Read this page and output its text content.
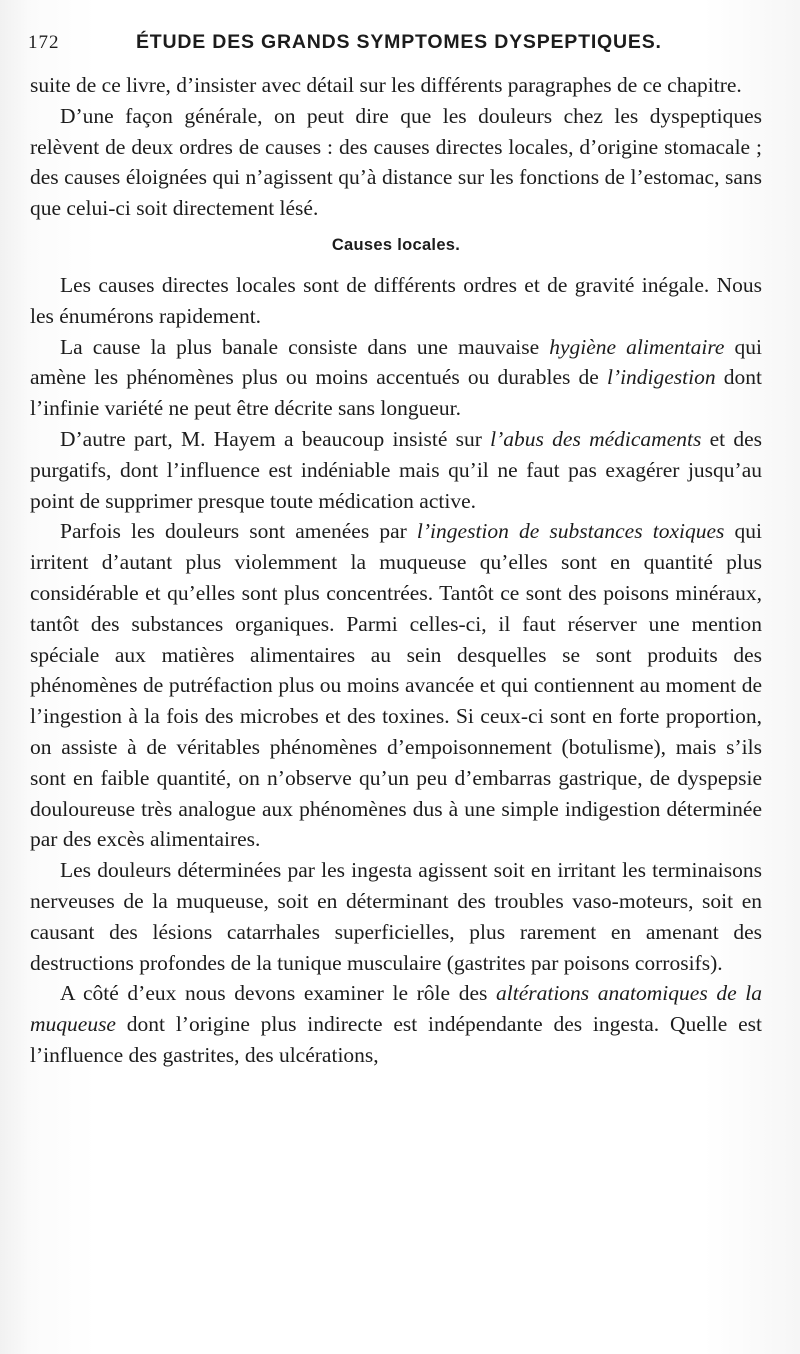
172	ÉTUDE DES GRANDS SYMPTOMES DYSPEPTIQUES.

suite de ce livre, d’insister avec détail sur les différents paragraphes de ce chapitre.

D’une façon générale, on peut dire que les douleurs chez les dyspeptiques relèvent de deux ordres de causes : des causes directes locales, d’origine stomacale ; des causes éloignées qui n’agissent qu’à distance sur les fonctions de l’estomac, sans que celui-ci soit directement lésé.

Causes locales.

Les causes directes locales sont de différents ordres et de gravité inégale. Nous les énumérons rapidement.

La cause la plus banale consiste dans une mauvaise hygiène alimentaire qui amène les phénomènes plus ou moins accentués ou durables de l’indigestion dont l’infinie variété ne peut être décrite sans longueur.

D’autre part, M. Hayem a beaucoup insisté sur l’abus des médicaments et des purgatifs, dont l’influence est indéniable mais qu’il ne faut pas exagérer jusqu’au point de supprimer presque toute médication active.

Parfois les douleurs sont amenées par l’ingestion de substances toxiques qui irritent d’autant plus violemment la muqueuse qu’elles sont en quantité plus considérable et qu’elles sont plus concentrées. Tantôt ce sont des poisons minéraux, tantôt des substances organiques. Parmi celles-ci, il faut réserver une mention spéciale aux matières alimentaires au sein desquelles se sont produits des phénomènes de putréfaction plus ou moins avancée et qui contiennent au moment de l’ingestion à la fois des microbes et des toxines. Si ceux-ci sont en forte proportion, on assiste à de véritables phénomènes d’empoisonnement (botulisme), mais s’ils sont en faible quantité, on n’observe qu’un peu d’embarras gastrique, de dyspepsie douloureuse très analogue aux phénomènes dus à une simple indigestion déterminée par des excès alimentaires.

Les douleurs déterminées par les ingesta agissent soit en irritant les terminaisons nerveuses de la muqueuse, soit en déterminant des troubles vaso-moteurs, soit en causant des lésions catarrhales superficielles, plus rarement en amenant des destructions profondes de la tunique musculaire (gastrites par poisons corrosifs).

A côté d’eux nous devons examiner le rôle des altérations anatomiques de la muqueuse dont l’origine plus indirecte est indépendante des ingesta. Quelle est l’influence des gastrites, des ulcérations,
